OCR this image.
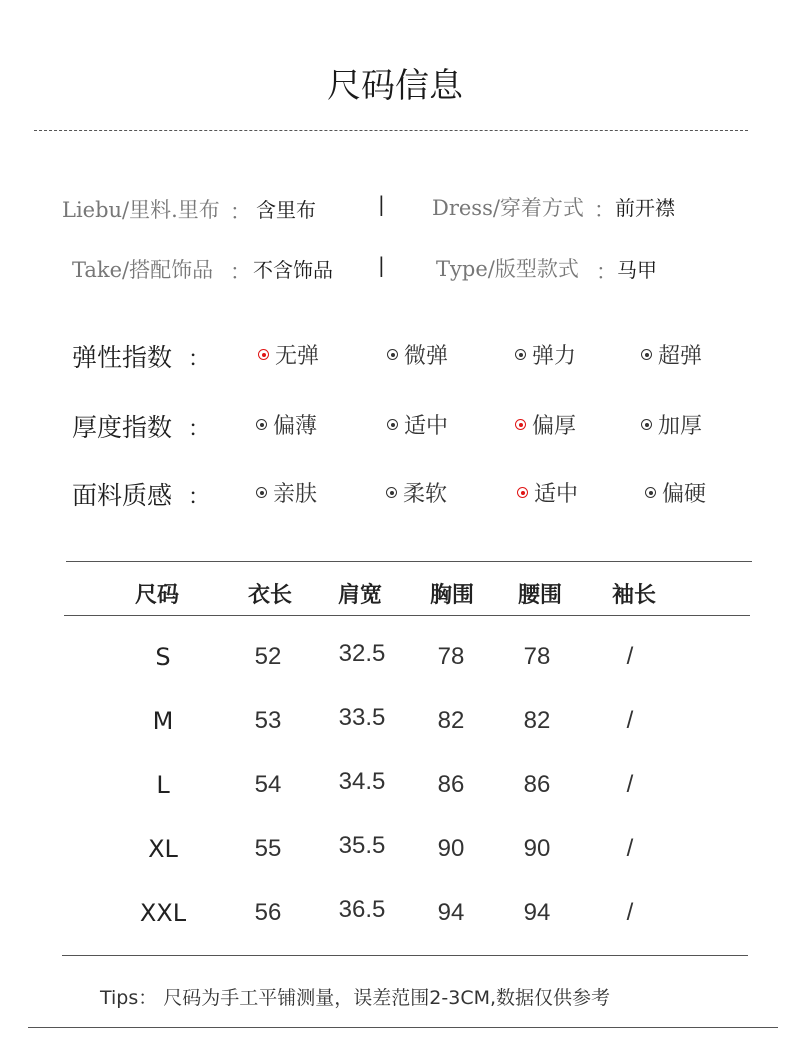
尺码信息
Liebu/里料.里布 ： 含里布	| Dress/穿着方式 ： 前开襟
Take/搭配饰品 ： 不含饰品 | Type/版型款式 ： 马甲
弹性指数 ：	无弹	微弹	弹力	超弹
厚度指数 ：	偏薄	适中	偏厚	加厚
面料质感 ：	亲肤	柔软	适中	偏硬
尺码	衣长	肩宽	胸围	腰围	袖长
S	52	32.5	78	78	/
M	53	33.5	82	82	/
L	54	34.5	86	86	/
XL	55	35.5	90	90	/
XXL	56	36.5	94	94	/
Tips： 尺码为手工平铺测量，误差范围2-3CM,数据仅供参考
